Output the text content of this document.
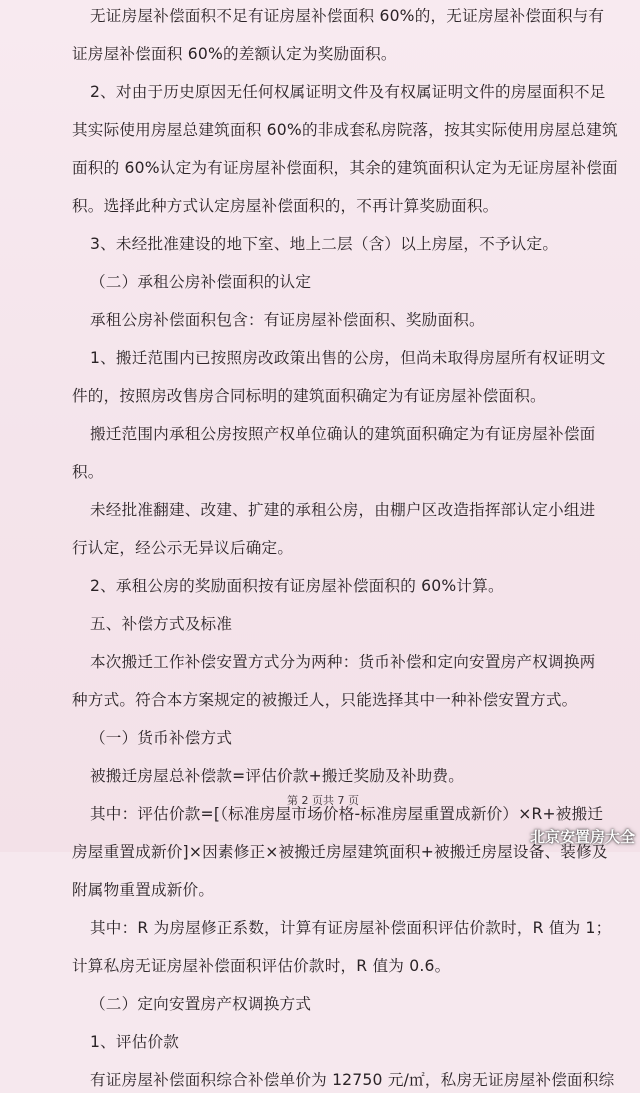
无证房屋补偿面积不足有证房屋补偿面积 60%的，无证房屋补偿面积与有
证房屋补偿面积 60%的差额认定为奖励面积。
2、对由于历史原因无任何权属证明文件及有权属证明文件的房屋面积不足
其实际使用房屋总建筑面积 60%的非成套私房院落，按其实际使用房屋总建筑
面积的 60%认定为有证房屋补偿面积，其余的建筑面积认定为无证房屋补偿面
积。选择此种方式认定房屋补偿面积的，不再计算奖励面积。
3、未经批准建设的地下室、地上二层（含）以上房屋，不予认定。
（二）承租公房补偿面积的认定
承租公房补偿面积包含：有证房屋补偿面积、奖励面积。
1、搬迁范围内已按照房改政策出售的公房，但尚未取得房屋所有权证明文
件的，按照房改售房合同标明的建筑面积确定为有证房屋补偿面积。
搬迁范围内承租公房按照产权单位确认的建筑面积确定为有证房屋补偿面
积。
未经批准翻建、改建、扩建的承租公房，由棚户区改造指挥部认定小组进
行认定，经公示无异议后确定。
2、承租公房的奖励面积按有证房屋补偿面积的 60%计算。
五、补偿方式及标准
本次搬迁工作补偿安置方式分为两种：货币补偿和定向安置房产权调换两
种方式。符合本方案规定的被搬迁人，只能选择其中一种补偿安置方式。
（一）货币补偿方式
被搬迁房屋总补偿款=评估价款+搬迁奖励及补助费。
其中：评估价款=[（标准房屋市场价格-标准房屋重置成新价）×R+被搬迁
房屋重置成新价]×因素修正×被搬迁房屋建筑面积+被搬迁房屋设备、装修及
附属物重置成新价。
其中：R 为房屋修正系数，计算有证房屋补偿面积评估价款时，R 值为 1；
计算私房无证房屋补偿面积评估价款时，R 值为 0.6。
（二）定向安置房产权调换方式
1、评估价款
有证房屋补偿面积综合补偿单价为 12750 元/㎡，私房无证房屋补偿面积综
第 2 页共 7 页
北京安置房大全
